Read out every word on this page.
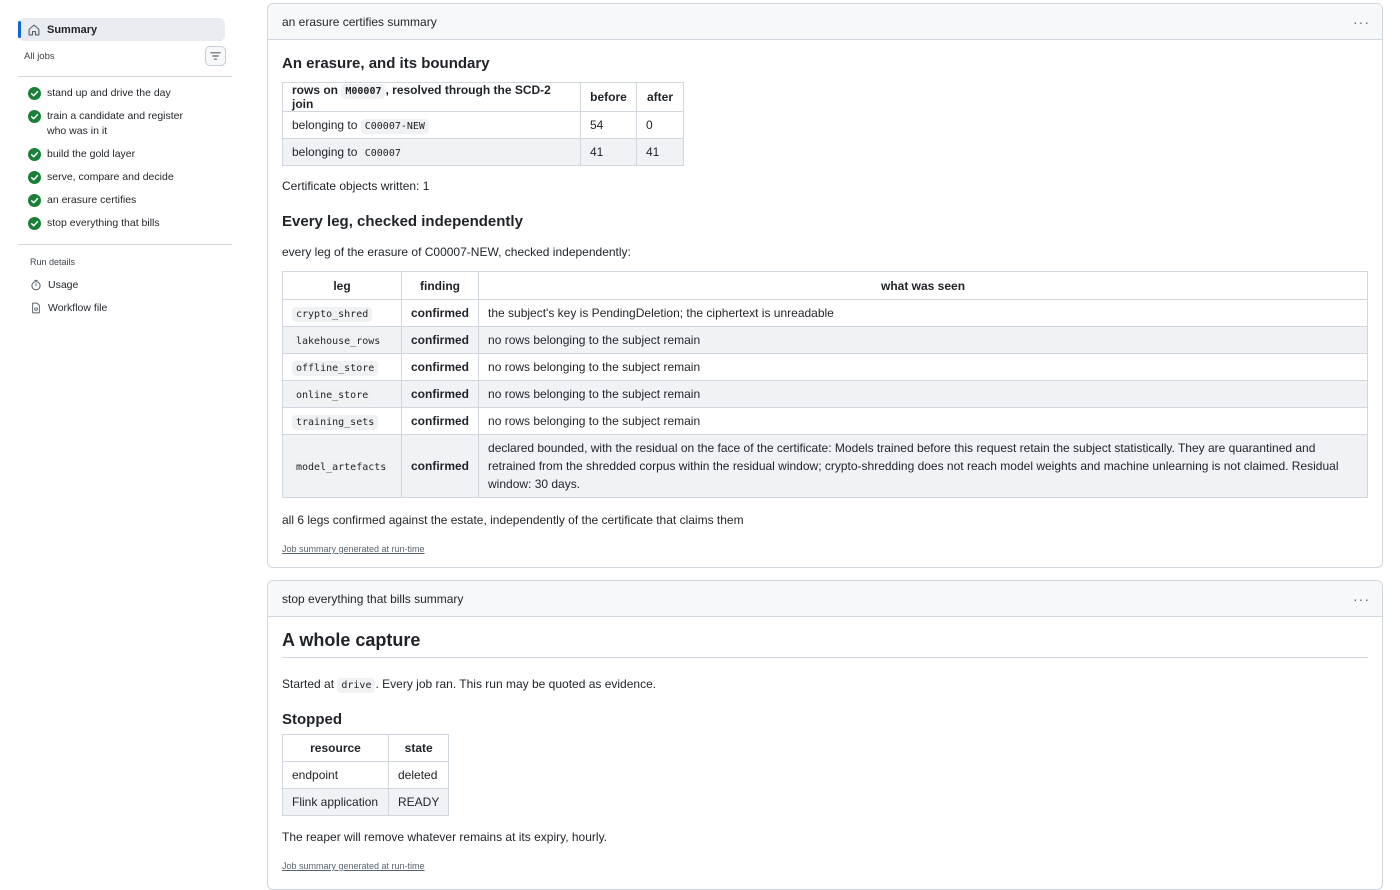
Summary
All jobs
stand up and drive the day
train a candidate and register who was in it
build the gold layer
serve, compare and decide
an erasure certifies
stop everything that bills
Run details
Usage
Workflow file
an erasure certifies summary	···
An erasure, and its boundary
rows on M00007 , resolved through the SCD-2 join	before	after
belonging to C00007-NEW	54	0
belonging to C00007	41	41

Certificate objects written: 1

Every leg, checked independently

every leg of the erasure of C00007-NEW, checked independently:

leg	finding	what was seen
crypto_shred	confirmed	the subject's key is PendingDeletion; the ciphertext is unreadable
lakehouse_rows	confirmed	no rows belonging to the subject remain
offline_store	confirmed	no rows belonging to the subject remain
online_store	confirmed	no rows belonging to the subject remain
training_sets	confirmed	no rows belonging to the subject remain
model_artefacts	confirmed	declared bounded, with the residual on the face of the certificate: Models trained before this request retain the subject statistically. They are quarantined and retrained from the shredded corpus within the residual window; crypto-shredding does not reach model weights and machine unlearning is not claimed. Residual window: 30 days.

all 6 legs confirmed against the estate, independently of the certificate that claims them

Job summary generated at run-time
stop everything that bills summary	···
A whole capture

Started at drive . Every job ran. This run may be quoted as evidence.

Stopped
resource	state
endpoint	deleted
Flink application	READY

The reaper will remove whatever remains at its expiry, hourly.

Job summary generated at run-time
